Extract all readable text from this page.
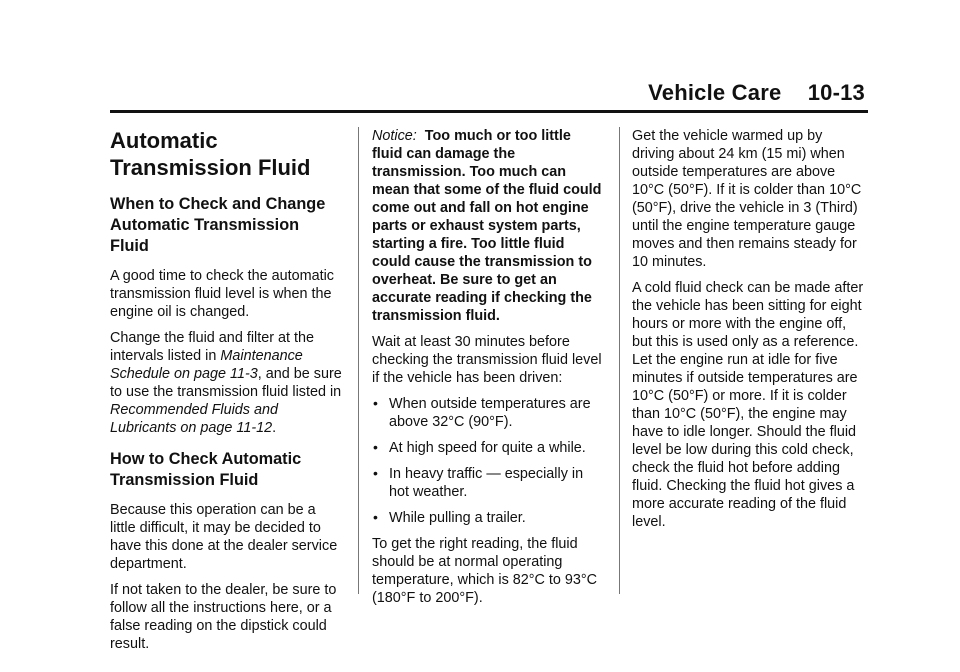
Vehicle Care 10-13
Automatic Transmission Fluid
When to Check and Change Automatic Transmission Fluid

A good time to check the automatic transmission fluid level is when the engine oil is changed.

Change the fluid and filter at the intervals listed in Maintenance Schedule on page 11‑3, and be sure to use the transmission fluid listed in Recommended Fluids and Lubricants on page 11‑12.

How to Check Automatic Transmission Fluid

Because this operation can be a little difficult, it may be decided to have this done at the dealer service department.

If not taken to the dealer, be sure to follow all the instructions here, or a false reading on the dipstick could result.

Notice: Too much or too little fluid can damage the transmission. Too much can mean that some of the fluid could come out and fall on hot engine parts or exhaust system parts, starting a fire. Too little fluid could cause the transmission to overheat. Be sure to get an accurate reading if checking the transmission fluid.

Wait at least 30 minutes before checking the transmission fluid level if the vehicle has been driven:

• When outside temperatures are above 32°C (90°F).
• At high speed for quite a while.
• In heavy traffic — especially in hot weather.
• While pulling a trailer.

To get the right reading, the fluid should be at normal operating temperature, which is 82°C to 93°C (180°F to 200°F).

Get the vehicle warmed up by driving about 24 km (15 mi) when outside temperatures are above 10°C (50°F). If it is colder than 10°C (50°F), drive the vehicle in 3 (Third) until the engine temperature gauge moves and then remains steady for 10 minutes.

A cold fluid check can be made after the vehicle has been sitting for eight hours or more with the engine off, but this is used only as a reference. Let the engine run at idle for five minutes if outside temperatures are 10°C (50°F) or more. If it is colder than 10°C (50°F), the engine may have to idle longer. Should the fluid level be low during this cold check, check the fluid hot before adding fluid. Checking the fluid hot gives a more accurate reading of the fluid level.
